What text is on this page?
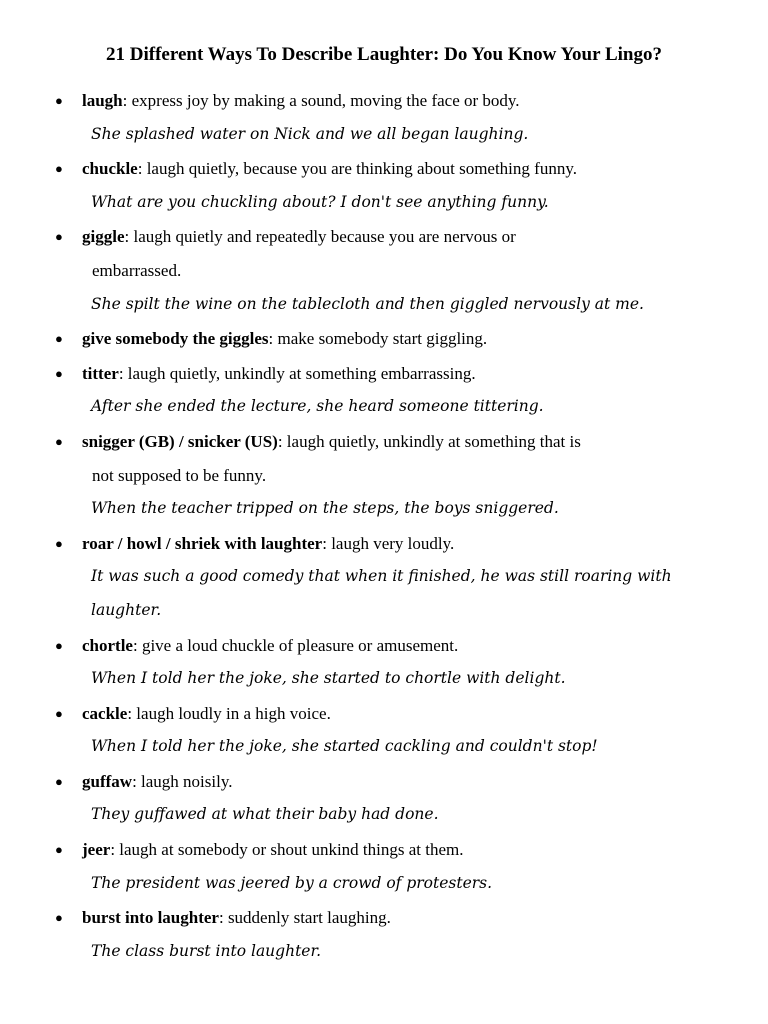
21 Different Ways To Describe Laughter: Do You Know Your Lingo?
● laugh: express joy by making a sound, moving the face or body.
She splashed water on Nick and we all began laughing.
● chuckle: laugh quietly, because you are thinking about something funny.
What are you chuckling about? I don't see anything funny.
● giggle: laugh quietly and repeatedly because you are nervous or
embarrassed.
She spilt the wine on the tablecloth and then giggled nervously at me.
● give somebody the giggles: make somebody start giggling.
● titter: laugh quietly, unkindly at something embarrassing.
After she ended the lecture, she heard someone tittering.
● snigger (GB) / snicker (US): laugh quietly, unkindly at something that is
not supposed to be funny.
When the teacher tripped on the steps, the boys sniggered.
● roar / howl / shriek with laughter: laugh very loudly.
It was such a good comedy that when it finished, he was still roaring with
laughter.
● chortle: give a loud chuckle of pleasure or amusement.
When I told her the joke, she started to chortle with delight.
● cackle: laugh loudly in a high voice.
When I told her the joke, she started cackling and couldn't stop!
● guffaw: laugh noisily.
They guffawed at what their baby had done.
● jeer: laugh at somebody or shout unkind things at them.
The president was jeered by a crowd of protesters.
● burst into laughter: suddenly start laughing.
The class burst into laughter.
